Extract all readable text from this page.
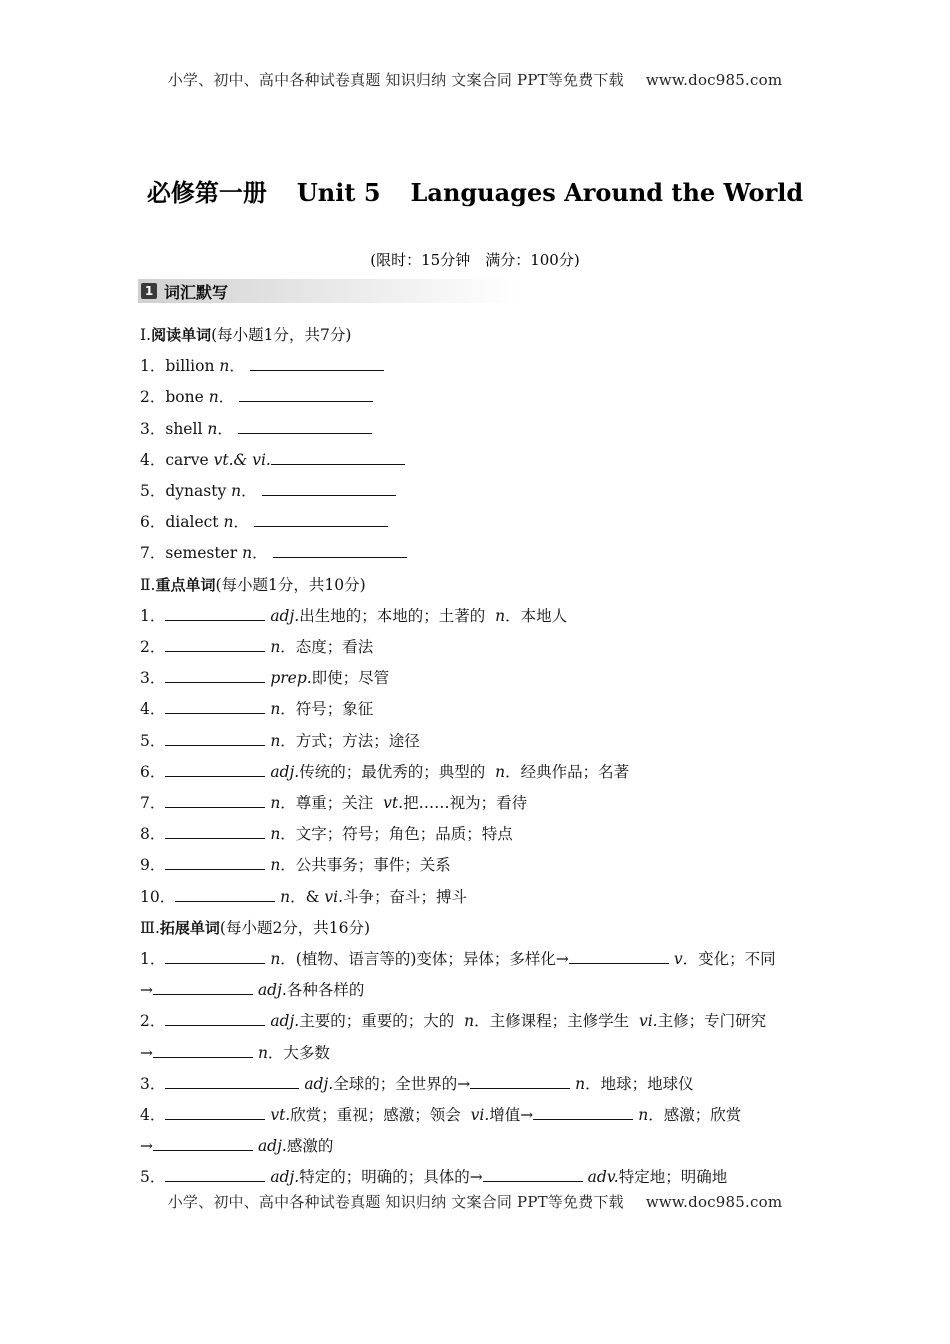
小学、初中、高中各种试卷真题 知识归纳 文案合同 PPT等免费下载 www.doc985.com
必修第一册 Unit 5 Languages Around the World
(限时：15分钟　满分：100分)
1 词汇默写
Ⅰ.阅读单词(每小题1分，共7分)
1．billion n．
2．bone n．
3．shell n．
4．carve vt.& vi.
5．dynasty n．
6．dialect n．
7．semester n．
Ⅱ.重点单词(每小题1分，共10分)
1．	adj.出生地的；本地的；土著的 n．本地人
2．	n．态度；看法
3．	prep.即使；尽管
4．	n．符号；象征
5．	n．方式；方法；途径
6．	adj.传统的；最优秀的；典型的 n．经典作品；名著
7．	n．尊重；关注 vt.把……视为；看待
8．	n．文字；符号；角色；品质；特点
9．	n．公共事务；事件；关系
10．	n．& vi.斗争；奋斗；搏斗
Ⅲ.拓展单词(每小题2分，共16分)
1．	n．(植物、语言等的)变体；异体；多样化→	v．变化；不同
→	adj.各种各样的
2．	adj.主要的；重要的；大的 n．主修课程；主修学生 vi.主修；专门研究
→	n．大多数
3．	adj.全球的；全世界的→	n．地球；地球仪
4．	vt.欣赏；重视；感激；领会 vi.增值→	n．感激；欣赏
→	adj.感激的
5．	adj.特定的；明确的；具体的→	adv.特定地；明确地
小学、初中、高中各种试卷真题 知识归纳 文案合同 PPT等免费下载 www.doc985.com
